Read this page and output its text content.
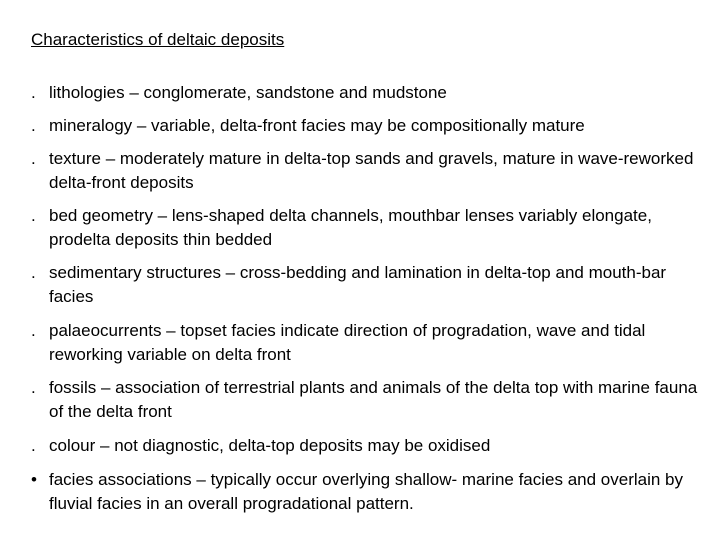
Characteristics of deltaic deposits
. lithologies – conglomerate, sandstone and mudstone
. mineralogy – variable, delta-front facies may be compositionally mature
. texture – moderately mature in delta-top sands and gravels, mature in wave-reworked delta-front deposits
. bed geometry – lens-shaped delta channels, mouthbar lenses variably elongate, prodelta deposits thin bedded
. sedimentary structures – cross-bedding and lamination in delta-top and mouth-bar facies
. palaeocurrents – topset facies indicate direction of progradation, wave and tidal reworking variable on delta front
. fossils – association of terrestrial plants and animals of the delta top with marine fauna of the delta front
. colour – not diagnostic, delta-top deposits may be oxidised
• facies associations – typically occur overlying shallow- marine facies and overlain by fluvial facies in an overall progradational pattern.
